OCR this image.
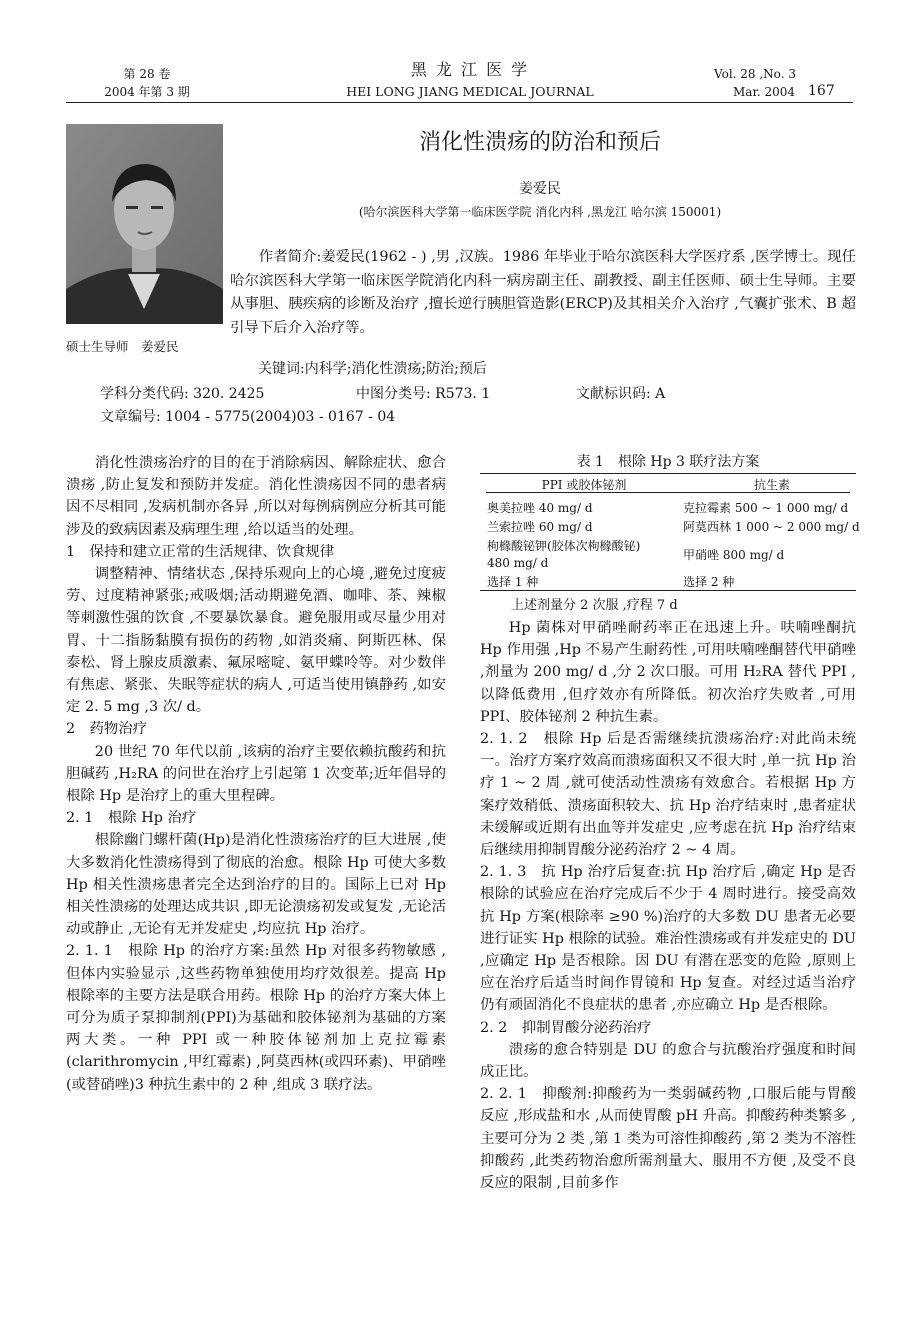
第 28 卷
2004 年第 3 期
黑 龙 江 医 学
HEI LONG JIANG MEDICAL JOURNAL
Vol. 28 ,No. 3
Mar. 2004 167
硕士生导师　姜爱民
消化性溃疡的防治和预后
姜爱民
(哈尔滨医科大学第一临床医学院 消化内科 ,黑龙江 哈尔滨 150001)
作者简介:姜爱民(1962 - ) ,男 ,汉族。1986 年毕业于哈尔滨医科大学医疗系 ,医学博士。现任哈尔滨医科大学第一临床医学院消化内科一病房副主任、副教授、副主任医师、硕士生导师。主要从事胆、胰疾病的诊断及治疗 ,擅长逆行胰胆管造影(ERCP)及其相关介入治疗 ,气囊扩张术、B 超引导下后介入治疗等。
关键词:内科学;消化性溃疡;防治;预后
学科分类代码: 320. 2425	中图分类号: R573. 1	文献标识码: A
文章编号: 1004 - 5775(2004)03 - 0167 - 04

消化性溃疡治疗的目的在于消除病因、解除症状、愈合溃疡 ,防止复发和预防并发症。消化性溃疡因不同的患者病因不尽相同 ,发病机制亦各异 ,所以对每例病例应分析其可能涉及的致病因素及病理生理 ,给以适当的处理。

1　保持和建立正常的生活规律、饮食规律

调整精神、情绪状态 ,保持乐观向上的心境 ,避免过度疲劳、过度精神紧张;戒吸烟;活动期避免酒、咖啡、茶、辣椒等刺激性强的饮食 ,不要暴饮暴食。避免服用或尽量少用对胃、十二指肠黏膜有损伤的药物 ,如消炎痛、阿斯匹林、保泰松、肾上腺皮质激素、氟尿嘧啶、氨甲蝶呤等。对少数伴有焦虑、紧张、失眠等症状的病人 ,可适当使用镇静药 ,如安定 2. 5 mg ,3 次/ d。

2　药物治疗

20 世纪 70 年代以前 ,该病的治疗主要依赖抗酸药和抗胆碱药 ,H₂RA 的问世在治疗上引起第 1 次变革;近年倡导的根除 Hp 是治疗上的重大里程碑。

2. 1　根除 Hp 治疗

根除幽门螺杆菌(Hp)是消化性溃疡治疗的巨大进展 ,使大多数消化性溃疡得到了彻底的治愈。根除 Hp 可使大多数 Hp 相关性溃疡患者完全达到治疗的目的。国际上已对 Hp 相关性溃疡的处理达成共识 ,即无论溃疡初发或复发 ,无论活动或静止 ,无论有无并发症史 ,均应抗 Hp 治疗。

2. 1. 1　根除 Hp 的治疗方案:虽然 Hp 对很多药物敏感 ,但体内实验显示 ,这些药物单独使用均疗效很差。提高 Hp 根除率的主要方法是联合用药。根除 Hp 的治疗方案大体上可分为质子泵抑制剂(PPI)为基础和胶体铋剂为基础的方案两大类。一种 PPI 或一种胶体铋剂加上克拉霉素(clarithromycin ,甲红霉素) ,阿莫西林(或四环素)、甲硝唑(或替硝唑)3 种抗生素中的 2 种 ,组成 3 联疗法。

表 1　根除 Hp 3 联疗法方案
PPI 或胶体铋剂	抗生素

奥美拉唑 40 mg/ d	克拉霉素 500 ~ 1 000 mg/ d
兰索拉唑 60 mg/ d	阿莫西林 1 000 ~ 2 000 mg/ d
枸橼酸铋钾(胶体次枸橼酸铋) 480 mg/ d	甲硝唑 800 mg/ d
选择 1 种	选择 2 种
上述剂量分 2 次服 ,疗程 7 d

Hp 菌株对甲硝唑耐药率正在迅速上升。呋喃唑酮抗 Hp 作用强 ,Hp 不易产生耐药性 ,可用呋喃唑酮替代甲硝唑 ,剂量为 200 mg/ d ,分 2 次口服。可用 H₂RA 替代 PPI ,以降低费用 ,但疗效亦有所降低。初次治疗失败者 ,可用 PPI、胶体铋剂 2 种抗生素。

2. 1. 2　根除 Hp 后是否需继续抗溃疡治疗:对此尚未统一。治疗方案疗效高而溃疡面积又不很大时 ,单一抗 Hp 治疗 1 ~ 2 周 ,就可使活动性溃疡有效愈合。若根据 Hp 方案疗效稍低、溃疡面积较大、抗 Hp 治疗结束时 ,患者症状未缓解或近期有出血等并发症史 ,应考虑在抗 Hp 治疗结束后继续用抑制胃酸分泌药治疗 2 ~ 4 周。

2. 1. 3　抗 Hp 治疗后复查:抗 Hp 治疗后 ,确定 Hp 是否根除的试验应在治疗完成后不少于 4 周时进行。接受高效抗 Hp 方案(根除率 ≥90 %)治疗的大多数 DU 患者无必要进行证实 Hp 根除的试验。难治性溃疡或有并发症史的 DU ,应确定 Hp 是否根除。因 DU 有潜在恶变的危险 ,原则上应在治疗后适当时间作胃镜和 Hp 复查。对经过适当治疗仍有顽固消化不良症状的患者 ,亦应确立 Hp 是否根除。

2. 2　抑制胃酸分泌药治疗

溃疡的愈合特别是 DU 的愈合与抗酸治疗强度和时间成正比。

2. 2. 1　抑酸剂:抑酸药为一类弱碱药物 ,口服后能与胃酸反应 ,形成盐和水 ,从而使胃酸 pH 升高。抑酸药种类繁多 ,主要可分为 2 类 ,第 1 类为可溶性抑酸药 ,第 2 类为不溶性抑酸药 ,此类药物治愈所需剂量大、服用不方便 ,及受不良反应的限制 ,目前多作
